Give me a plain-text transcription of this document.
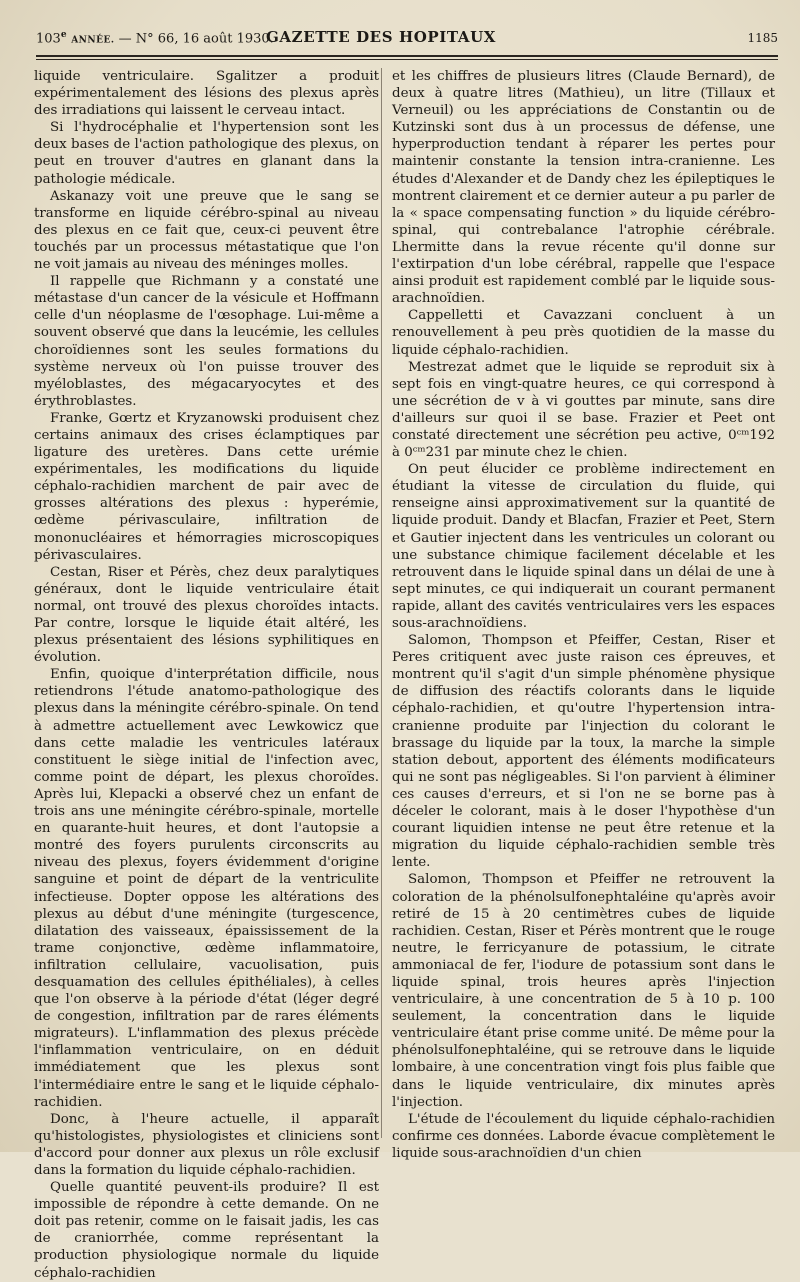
103e ANNÉE. — N° 66, 16 août 1930.
GAZETTE DES HOPITAUX	1185

liquide ventriculaire. Sgalitzer a produit expérimentalement des lésions des plexus après des irradiations qui laissent le cerveau intact.

Si l'hydrocéphalie et l'hypertension sont les deux bases de l'action pathologique des plexus, on peut en trouver d'autres en glanant dans la pathologie médicale.

Askanazy voit une preuve que le sang se transforme en liquide cérébro-spinal au niveau des plexus en ce fait que, ceux-ci peuvent être touchés par un processus métastatique que l'on ne voit jamais au niveau des méninges molles.

Il rappelle que Richmann y a constaté une métastase d'un cancer de la vésicule et Hoffmann celle d'un néoplasme de l'œsophage. Lui-même a souvent observé que dans la leucémie, les cellules choroïdiennes sont les seules formations du système nerveux où l'on puisse trouver des myéloblastes, des mégacaryocytes et des érythroblastes.

Franke, Gœrtz et Kryzanowski produisent chez certains animaux des crises éclamptiques par ligature des uretères. Dans cette urémie expérimentales, les modifications du liquide céphalo-rachidien marchent de pair avec de grosses altérations des plexus : hyperémie, œdème périvasculaire, infiltration de mononucléaires et hémorragies microscopiques périvasculaires.

Cestan, Riser et Pérès, chez deux paralytiques généraux, dont le liquide ventriculaire était normal, ont trouvé des plexus choroïdes intacts. Par contre, lorsque le liquide était altéré, les plexus présentaient des lésions syphilitiques en évolution.

Enfin, quoique d'interprétation difficile, nous retiendrons l'étude anatomo-pathologique des plexus dans la méningite cérébro-spinale. On tend à admettre actuellement avec Lewkowicz que dans cette maladie les ventricules latéraux constituent le siège initial de l'infection avec, comme point de départ, les plexus choroïdes. Après lui, Klepacki a observé chez un enfant de trois ans une méningite cérébro-spinale, mortelle en quarante-huit heures, et dont l'autopsie a montré des foyers purulents circonscrits au niveau des plexus, foyers évidemment d'origine sanguine et point de départ de la ventriculite infectieuse. Dopter oppose les altérations des plexus au début d'une méningite (turgescence, dilatation des vaisseaux, épaississement de la trame conjonctive, œdème inflammatoire, infiltration cellulaire, vacuolisation, puis desquamation des cellules épithéliales), à celles que l'on observe à la période d'état (léger degré de congestion, infiltration par de rares éléments migrateurs). L'inflammation des plexus précède l'inflammation ventriculaire, on en déduit immédiatement que les plexus sont l'intermédiaire entre le sang et le liquide céphalo-rachidien.

Donc, à l'heure actuelle, il apparaît qu'histologistes, physiologistes et cliniciens sont d'accord pour donner aux plexus un rôle exclusif dans la formation du liquide céphalo-rachidien.

Quelle quantité peuvent-ils produire? Il est impossible de répondre à cette demande. On ne doit pas retenir, comme on le faisait jadis, les cas de craniorrhée, comme représentant la production physiologique normale du liquide céphalo-rachidien

et les chiffres de plusieurs litres (Claude Bernard), de deux à quatre litres (Mathieu), un litre (Tillaux et Verneuil) ou les appréciations de Constantin ou de Kutzinski sont dus à un processus de défense, une hyperproduction tendant à réparer les pertes pour maintenir constante la tension intra-cranienne. Les études d'Alexander et de Dandy chez les épileptiques le montrent clairement et ce dernier auteur a pu parler de la « space compensating function » du liquide cérébro-spinal, qui contrebalance l'atrophie cérébrale. Lhermitte dans la revue récente qu'il donne sur l'extirpation d'un lobe cérébral, rappelle que l'espace ainsi produit est rapidement comblé par le liquide sous-arachnoïdien.

Cappelletti et Cavazzani concluent à un renouvellement à peu près quotidien de la masse du liquide céphalo-rachidien.

Mestrezat admet que le liquide se reproduit six à sept fois en vingt-quatre heures, ce qui correspond à une sécrétion de v à vi gouttes par minute, sans dire d'ailleurs sur quoi il se base. Frazier et Peet ont constaté directement une sécrétion peu active, 0ᶜᵐ192 à 0ᶜᵐ231 par minute chez le chien.

On peut élucider ce problème indirectement en étudiant la vitesse de circulation du fluide, qui renseigne ainsi approximativement sur la quantité de liquide produit. Dandy et Blacfan, Frazier et Peet, Stern et Gautier injectent dans les ventricules un colorant ou une substance chimique facilement décelable et les retrouvent dans le liquide spinal dans un délai de une à sept minutes, ce qui indiquerait un courant permanent rapide, allant des cavités ventriculaires vers les espaces sous-arachnoïdiens.

Salomon, Thompson et Pfeiffer, Cestan, Riser et Peres critiquent avec juste raison ces épreuves, et montrent qu'il s'agit d'un simple phénomène physique de diffusion des réactifs colorants dans le liquide céphalo-rachidien, et qu'outre l'hypertension intra-cranienne produite par l'injection du colorant le brassage du liquide par la toux, la marche la simple station debout, apportent des éléments modificateurs qui ne sont pas négligeables. Si l'on parvient à éliminer ces causes d'erreurs, et si l'on ne se borne pas à déceler le colorant, mais à le doser l'hypothèse d'un courant liquidien intense ne peut être retenue et la migration du liquide céphalo-rachidien semble très lente.

Salomon, Thompson et Pfeiffer ne retrouvent la coloration de la phénolsulfonephtaléine qu'après avoir retiré de 15 à 20 centimètres cubes de liquide rachidien. Cestan, Riser et Pérès montrent que le rouge neutre, le ferricyanure de potassium, le citrate ammoniacal de fer, l'iodure de potassium sont dans le liquide spinal, trois heures après l'injection ventriculaire, à une concentration de 5 à 10 p. 100 seulement, la concentration dans le liquide ventriculaire étant prise comme unité. De même pour la phénolsulfonephtaléine, qui se retrouve dans le liquide lombaire, à une concentration vingt fois plus faible que dans le liquide ventriculaire, dix minutes après l'injection.

L'étude de l'écoulement du liquide céphalo-rachidien confirme ces données. Laborde évacue complètement le liquide sous-arachnoïdien d'un chien
